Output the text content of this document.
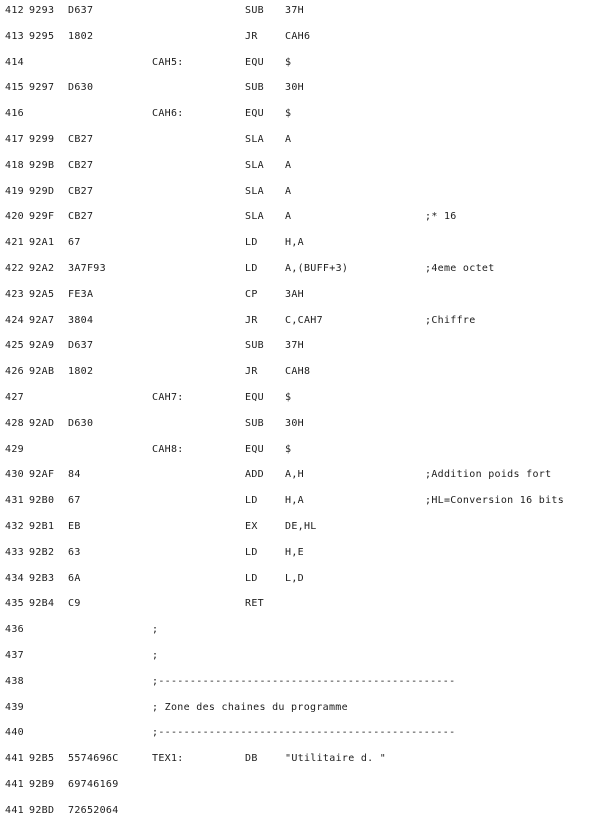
412 9293 D637	SUB 37H
413 9295 1802	JR	CAH6
414	CAH5:	EQU $
415 9297 D630	SUB 30H
416	CAH6:	EQU $
417 9299 CB27	SLA A
418 929B CB27	SLA A
419 929D CB27	SLA A
420 929F CB27	SLA A	;* 16
421 92A1 67	LD	H,A
422 92A2 3A7F93	LD	A,(BUFF+3)	;4eme octet
423 92A5 FE3A	CP	3AH
424 92A7 3804	JR	C,CAH7	;Chiffre
425 92A9 D637	SUB 37H
426 92AB 1802	JR	CAH8
427	CAH7:	EQU $
428 92AD D630	SUB 30H
429	CAH8:	EQU $
430 92AF 84	ADD A,H	;Addition poids fort
431 92B0 67	LD	H,A	;HL=Conversion 16 bits
432 92B1 EB	EX	DE,HL
433 92B2 63	LD	H,E
434 92B3 6A	LD	L,D
435 92B4 C9	RET
436	;
437	;
438	;-----------------------------------------------
439	; Zone des chaines du programme
440	;-----------------------------------------------
441 92B5 5574696C	TEX1:	DB	"Utilitaire d. "
441 92B9 69746169
441 92BD 72652064
